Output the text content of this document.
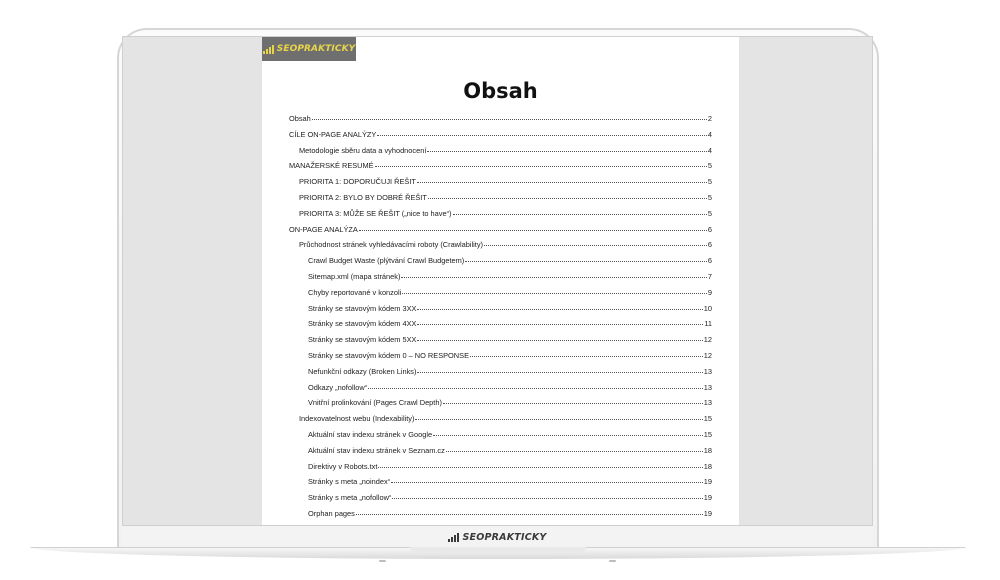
SEOPRAKTICKY
Obsah
Obsah	2
CÍLE ON-PAGE ANALÝZY	4
Metodologie sběru data a vyhodnocení	4
MANAŽERSKÉ RESUMÉ	5
PRIORITA 1: DOPORUČUJI ŘEŠIT	5
PRIORITA 2: BYLO BY DOBRÉ ŘEŠIT	5
PRIORITA 3: MŮŽE SE ŘEŠIT („nice to have“)	5
ON-PAGE ANALÝZA	6
Průchodnost stránek vyhledávacími roboty (Crawlability)	6
Crawl Budget Waste (plýtvání Crawl Budgetem)	6
Sitemap.xml (mapa stránek)	7
Chyby reportované v konzoli	9
Stránky se stavovým kódem 3XX	10
Stránky se stavovým kódem 4XX	11
Stránky se stavovým kódem 5XX	12
Stránky se stavovým kódem 0 – NO RESPONSE	12
Nefunkční odkazy (Broken Links)	13
Odkazy „nofollow“	13
Vnitřní prolinkování (Pages Crawl Depth)	13
Indexovatelnost webu (Indexability)	15
Aktuální stav indexu stránek v Google	15
Aktuální stav indexu stránek v Seznam.cz	18
Direktivy v Robots.txt	18
Stránky s meta „noindex“	19
Stránky s meta „nofollow“	19
Orphan pages	19
SEOPRAKTICKY
